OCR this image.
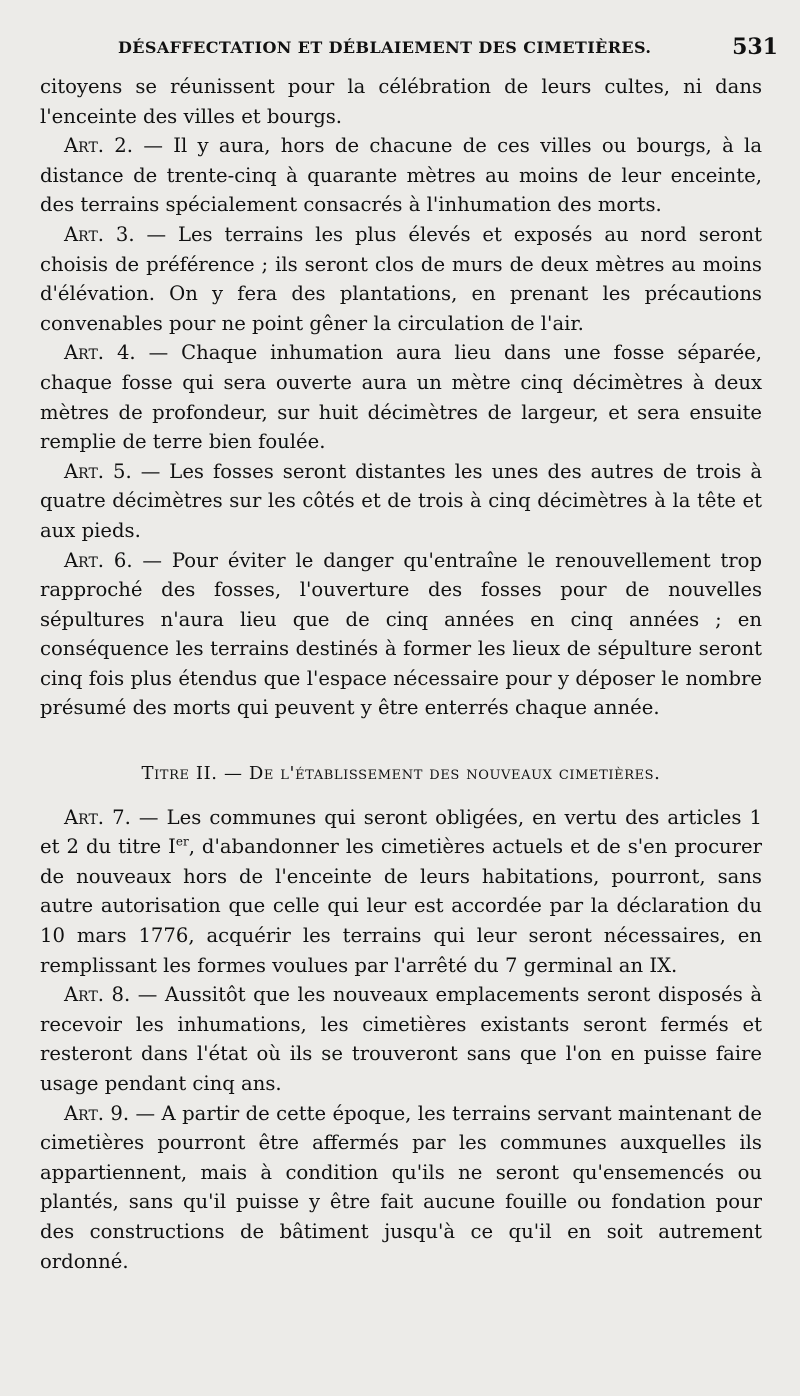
DÉSAFFECTATION ET DÉBLAIEMENT DES CIMETIÈRES.	531

citoyens se réunissent pour la célébration de leurs cultes, ni dans l'enceinte des villes et bourgs.

Art. 2. — Il y aura, hors de chacune de ces villes ou bourgs, à la distance de trente-cinq à quarante mètres au moins de leur enceinte, des terrains spécialement consacrés à l'inhumation des morts.

Art. 3. — Les terrains les plus élevés et exposés au nord seront choisis de préférence ; ils seront clos de murs de deux mètres au moins d'élévation. On y fera des plantations, en prenant les précautions convenables pour ne point gêner la circulation de l'air.

Art. 4. — Chaque inhumation aura lieu dans une fosse séparée, chaque fosse qui sera ouverte aura un mètre cinq décimètres à deux mètres de profondeur, sur huit décimètres de largeur, et sera ensuite remplie de terre bien foulée.

Art. 5. — Les fosses seront distantes les unes des autres de trois à quatre décimètres sur les côtés et de trois à cinq décimètres à la tête et aux pieds.

Art. 6. — Pour éviter le danger qu'entraîne le renouvellement trop rapproché des fosses, l'ouverture des fosses pour de nouvelles sépultures n'aura lieu que de cinq années en cinq années ; en conséquence les terrains destinés à former les lieux de sépulture seront cinq fois plus étendus que l'espace nécessaire pour y déposer le nombre présumé des morts qui peuvent y être enterrés chaque année.

Titre II. — De l'établissement des nouveaux cimetières.

Art. 7. — Les communes qui seront obligées, en vertu des articles 1 et 2 du titre Ier, d'abandonner les cimetières actuels et de s'en procurer de nouveaux hors de l'enceinte de leurs habitations, pourront, sans autre autorisation que celle qui leur est accordée par la déclaration du 10 mars 1776, acquérir les terrains qui leur seront nécessaires, en remplissant les formes voulues par l'arrêté du 7 germinal an IX.

Art. 8. — Aussitôt que les nouveaux emplacements seront disposés à recevoir les inhumations, les cimetières existants seront fermés et resteront dans l'état où ils se trouveront sans que l'on en puisse faire usage pendant cinq ans.

Art. 9. — A partir de cette époque, les terrains servant maintenant de cimetières pourront être affermés par les communes auxquelles ils appartiennent, mais à condition qu'ils ne seront qu'ensemencés ou plantés, sans qu'il puisse y être fait aucune fouille ou fondation pour des constructions de bâtiment jusqu'à ce qu'il en soit autrement ordonné.
